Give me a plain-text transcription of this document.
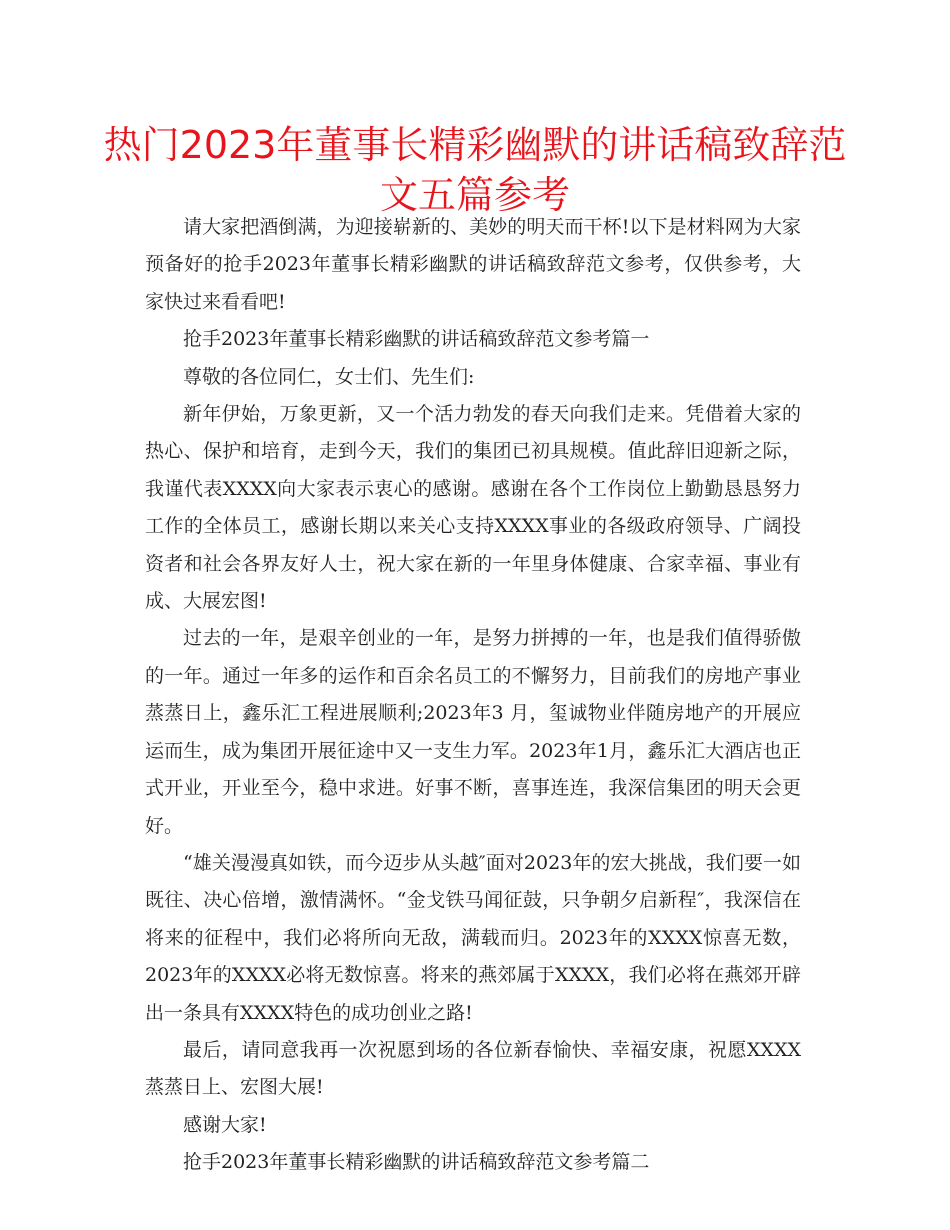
热门2023年董事长精彩幽默的讲话稿致辞范文五篇参考

请大家把酒倒满，为迎接崭新的、美妙的明天而干杯!以下是材料网为大家预备好的抢手2023年董事长精彩幽默的讲话稿致辞范文参考，仅供参考，大家快过来看看吧!

抢手2023年董事长精彩幽默的讲话稿致辞范文参考篇一

尊敬的各位同仁，女士们、先生们:

新年伊始，万象更新，又一个活力勃发的春天向我们走来。凭借着大家的热心、保护和培育，走到今天，我们的集团已初具规模。值此辞旧迎新之际，我谨代表XXXX向大家表示衷心的感谢。感谢在各个工作岗位上勤勤恳恳努力工作的全体员工，感谢长期以来关心支持XXXX事业的各级政府领导、广阔投资者和社会各界友好人士，祝大家在新的一年里身体健康、合家幸福、事业有成、大展宏图!

过去的一年，是艰辛创业的一年，是努力拼搏的一年，也是我们值得骄傲的一年。通过一年多的运作和百余名员工的不懈努力，目前我们的房地产事业蒸蒸日上，鑫乐汇工程进展顺利;2023年3 月，玺诚物业伴随房地产的开展应运而生，成为集团开展征途中又一支生力军。2023年1月，鑫乐汇大酒店也正式开业，开业至今，稳中求进。好事不断，喜事连连，我深信集团的明天会更好。

“雄关漫漫真如铁，而今迈步从头越″面对2023年的宏大挑战，我们要一如既往、决心倍增，激情满怀。“金戈铁马闻征鼓，只争朝夕启新程″，我深信在将来的征程中，我们必将所向无敌，满载而归。2023年的XXXX惊喜无数， 2023年的XXXX必将无数惊喜。将来的燕郊属于XXXX，我们必将在燕郊开辟出一条具有XXXX特色的成功创业之路!

最后，请同意我再一次祝愿到场的各位新春愉快、幸福安康，祝愿XXXX蒸蒸日上、宏图大展!

感谢大家!

抢手2023年董事长精彩幽默的讲话稿致辞范文参考篇二
